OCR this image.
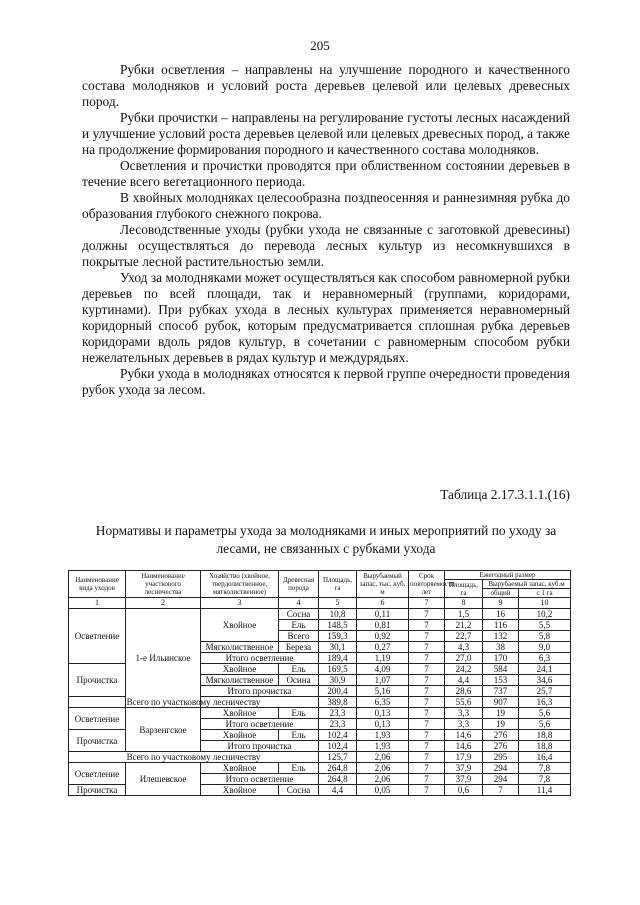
205

Рубки осветления – направлены на улучшение породного и качественного состава молодняков и условий роста деревьев целевой или целевых древесных пород.

Рубки прочистки – направлены на регулирование густоты лесных насаждений и улучшение условий роста деревьев целевой или целевых древесных пород, а также на продолжение формирования породного и качественного состава молодняков.

Осветления и прочистки проводятся при облиственном состоянии деревьев в течение всего вегетационного периода.

В хвойных молодняках целесообразна поздneосенняя и раннезимняя рубка до образования глубокого снежного покрова.

Лесоводственные уходы (рубки ухода не связанные с заготовкой древесины) должны осуществляться до перевода лесных культур из несомкнувшихся в покрытые лесной растительностью земли.

Уход за молодняками может осуществляться как способом равномерной рубки деревьев по всей площади, так и неравномерный (группами, коридорами, куртинами). При рубках ухода в лесных культурах применяется неравномерный коридорный способ рубок, которым предусматривается сплошная рубка деревьев коридорами вдоль рядов культур, в сочетании с равномерным способом рубки нежелательных деревьев в рядах культур и междурядьях.

Рубки ухода в молодняках относятся к первой группе очередности проведения рубок ухода за лесом.

Таблица 2.17.3.1.1.(16)
Нормативы и параметры ухода за молодняками и иных мероприятий по уходу за лесами, не связанных с рубками ухода
Наименование вида уходов	Наименование участкового лесничества	Хозяйство (хвойное, твердолиственное, мягколиственное)	Древесная порода	Площадь, га	Вырубаемый запас, тыс. куб. м	Срок повторяемости лет	Ежегодный размер		
							Площадь, га	Вырубаемый запас, куб.м	
								общий	с 1 га
1	2	3	4	5	6	7	8	9	10
Осветление	1-е Ильинское	Хвойное	Сосна	10,8	0,11	7	1,5	16	10,2
			Ель	148,5	0,81	7	21,2	116	5,5
			Всего	159,3	0,92	7	22,7	132	5,8
		Мягколиственное	Береза	30,1	0,27	7	4,3	38	9,0
		Итого осветление		189,4	1,19	7	27,0	170	6,3
Прочистка		Хвойное	Ель	169,5	4,09	7	24,2	584	24,1
		Мягколиственное	Осина	30,9	1,07	7	4,4	153	34,6
		Итого прочистка		200,4	5,16	7	28,6	737	25,7
Всего по участковому лесничеству				389,8	6,35	7	55,6	907	16,3
Осветление	Варзенгское	Хвойное	Ель	23,3	0,13	7	3,3	19	5,6
		Итого осветление		23,3	0,13	7	3,3	19	5,6
Прочистка		Хвойное	Ель	102,4	1,93	7	14,6	276	18,8
		Итого прочистка		102,4	1,93	7	14,6	276	18,8
Всего по участковому лесничеству				125,7	2,06	7	17,9	295	16,4
Осветление	Илешевское	Хвойное	Ель	264,8	2,06	7	37,9	294	7,8
		Итого осветление		264,8	2,06	7	37,9	294	7,8
Прочистка		Хвойное	Сосна	4,4	0,05	7	0,6	7	11,4
